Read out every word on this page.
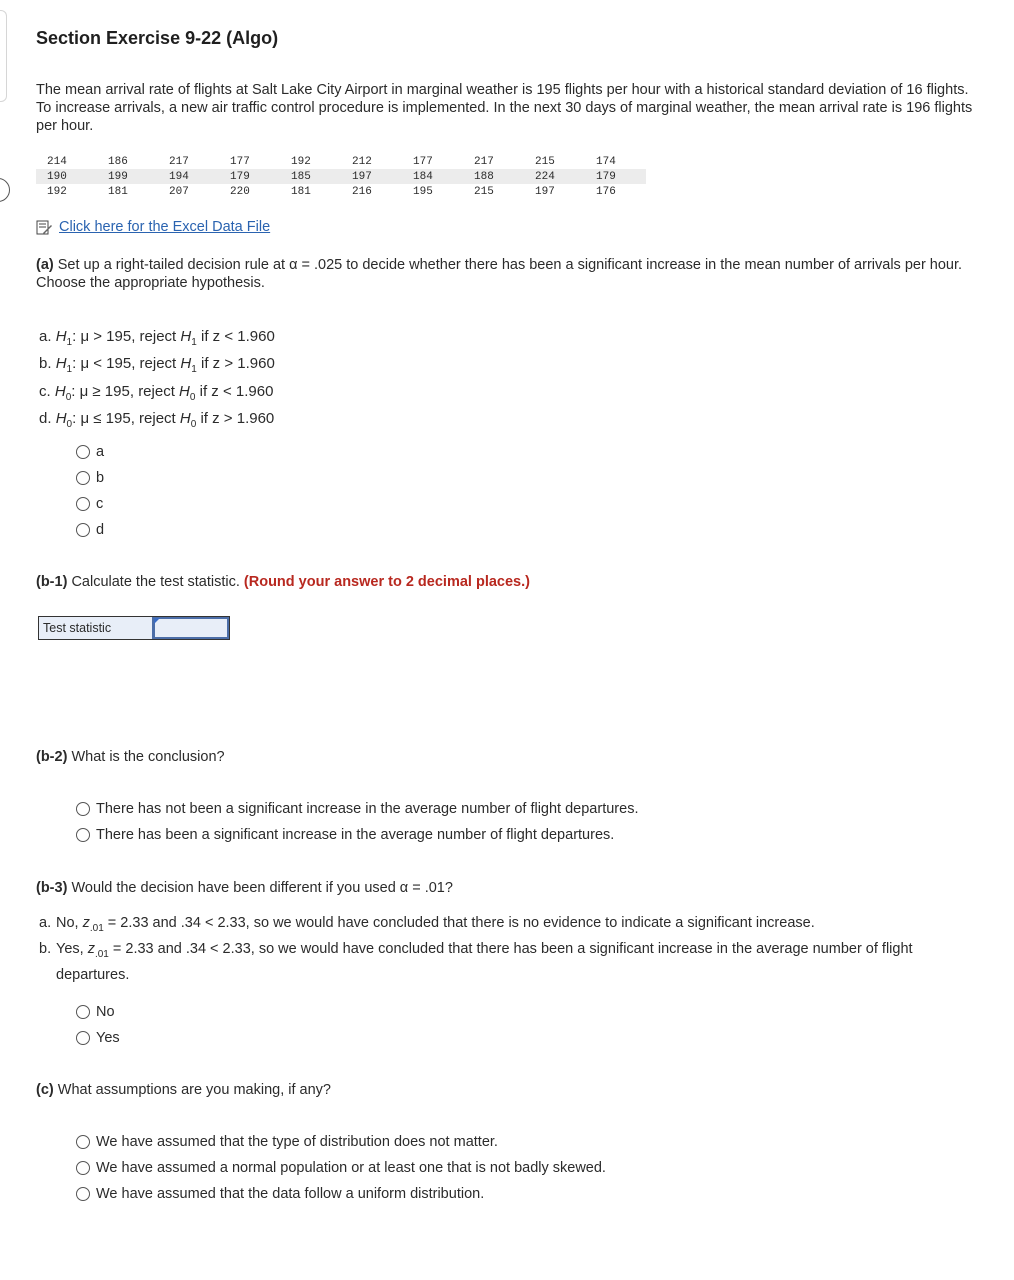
Section Exercise 9-22 (Algo)

The mean arrival rate of flights at Salt Lake City Airport in marginal weather is 195 flights per hour with a historical standard deviation of 16 flights. To increase arrivals, a new air traffic control procedure is implemented. In the next 30 days of marginal weather, the mean arrival rate is 196 flights per hour.

214	186	217	177	192	212	177	217	215	174
190	199	194	179	185	197	184	188	224	179
192	181	207	220	181	216	195	215	197	176
Click here for the Excel Data File

(a) Set up a right-tailed decision rule at α = .025 to decide whether there has been a significant increase in the mean number of arrivals per hour. Choose the appropriate hypothesis.

a. $H_1$: μ > 195, reject $H_1$ if z < 1.960
b. $H_1$: μ < 195, reject $H_1$ if z > 1.960
c. $H_0$: μ ≥ 195, reject $H_0$ if z < 1.960
d. $H_0$: μ ≤ 195, reject $H_0$ if z > 1.960
a
b
c
d

(b-1) Calculate the test statistic. (Round your answer to 2 decimal places.)

Test statistic

(b-2) What is the conclusion?

There has not been a significant increase in the average number of flight departures.
There has been a significant increase in the average number of flight departures.

(b-3) Would the decision have been different if you used α = .01?

a. No, $z_{.01} = 2.33$ and .34 < 2.33, so we would have concluded that there is no evidence to indicate a significant increase.
b. Yes, $z_{.01} = 2.33$ and .34 < 2.33, so we would have concluded that there has been a significant increase in the average number of flight departures.
No
Yes

(c) What assumptions are you making, if any?

We have assumed that the type of distribution does not matter.
We have assumed a normal population or at least one that is not badly skewed.
We have assumed that the data follow a uniform distribution.
